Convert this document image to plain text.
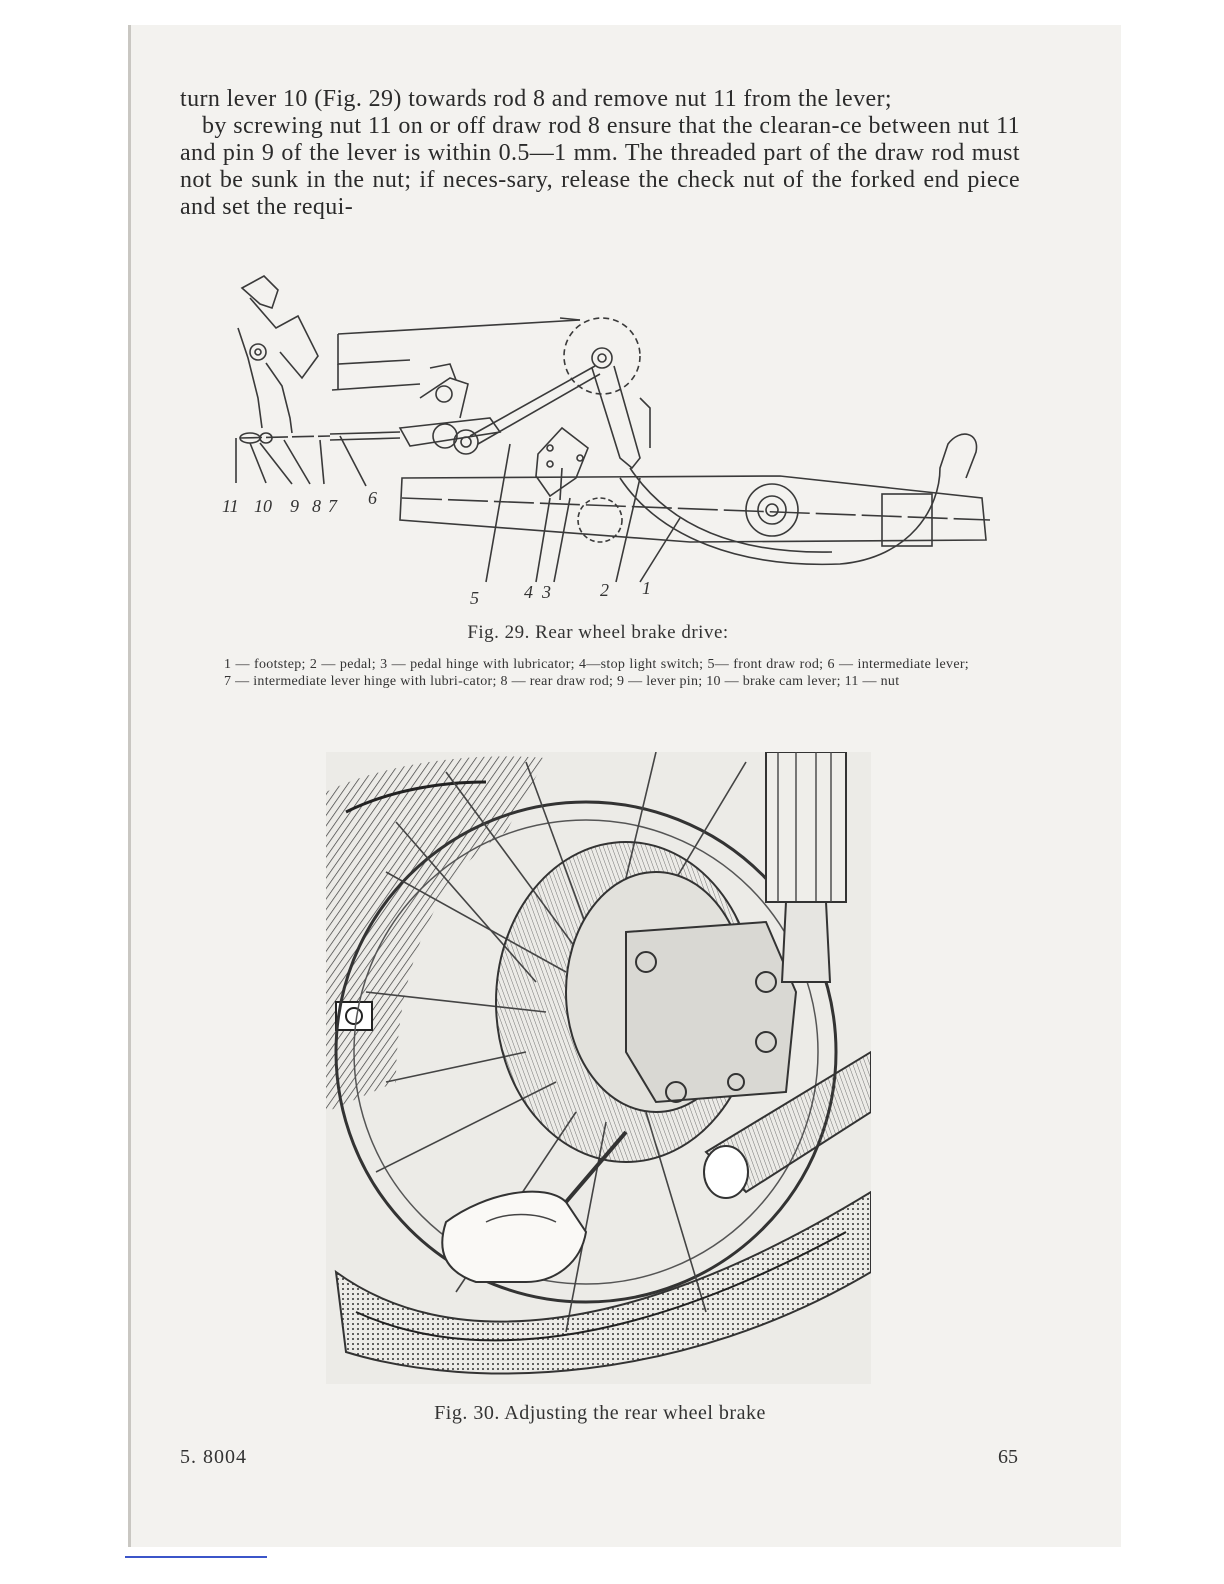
turn lever 10 (Fig. 29) towards rod 8 and remove nut 11 from the lever;

by screwing nut 11 on or off draw rod 8 ensure that the clearan-ce between nut 11 and pin 9 of the lever is within 0.5—1 mm. The threaded part of the draw rod must not be sunk in the nut; if neces-sary, release the check nut of the forked end piece and set the requi-

11 10 9 8 7 6
5	4 3	2 1
Fig. 29. Rear wheel brake drive:
1 — footstep; 2 — pedal; 3 — pedal hinge with lubricator; 4—stop light switch; 5— front draw rod; 6 — intermediate lever; 7 — intermediate lever hinge with lubri-cator; 8 — rear draw rod; 9 — lever pin; 10 — brake cam lever; 11 — nut
Fig. 30. Adjusting the rear wheel brake
5. 8004	65
